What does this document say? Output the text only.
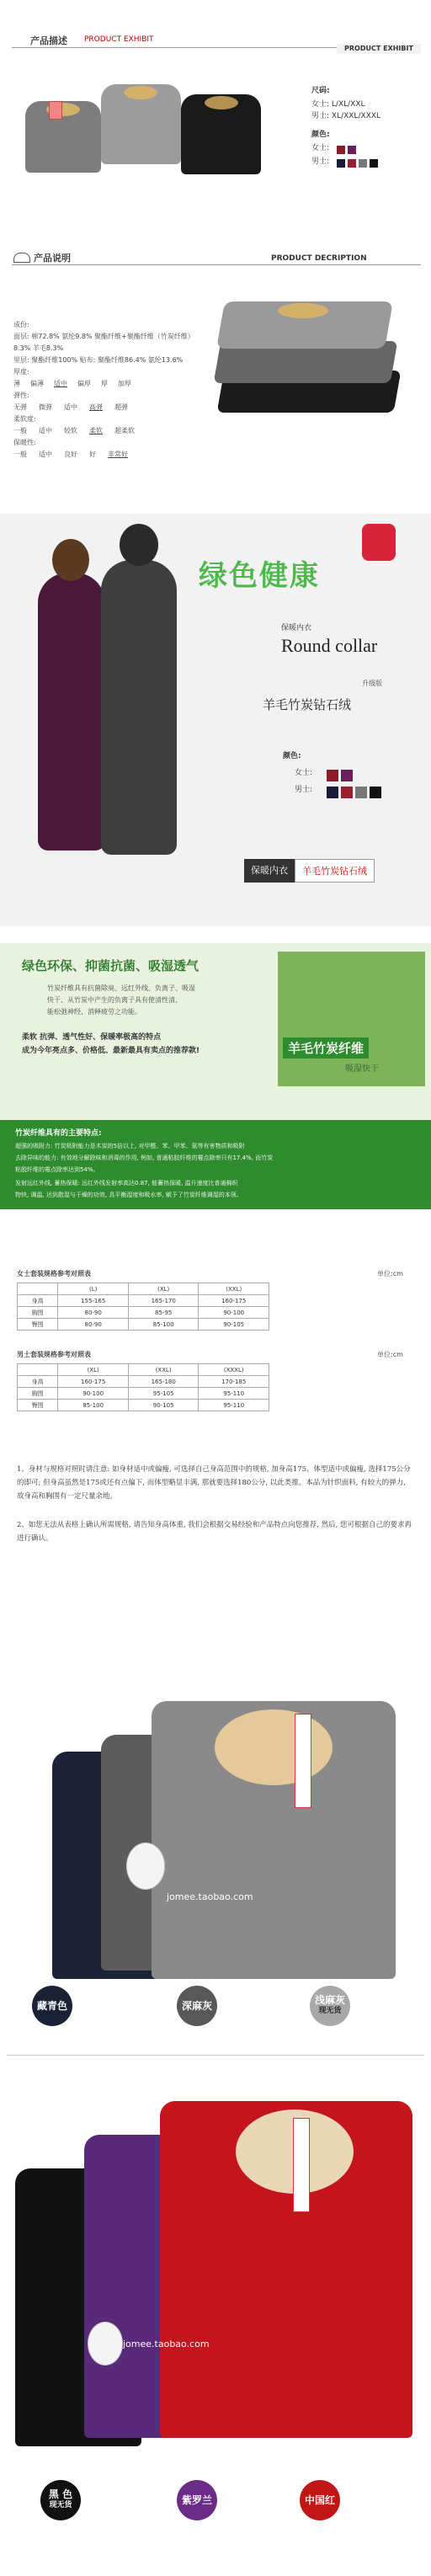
产品描述 PRODUCT EXHIBIT
PRODUCT EXHIBIT
尺码:
女士: L/XL/XXL
男士: XL/XXL/XXXL
颜色:
女士:
男士:
产品说明	PRODUCT DECRIPTION
成份:
面层: 棉72.8% 氨纶9.8% 聚酯纤维+聚酯纤维（竹炭纤维）
8.3% 羊毛8.3%
里层: 聚酯纤维100% 贴布: 聚酯纤维86.4% 氨纶13.6%
厚度:
薄 偏薄 适中 偏厚 厚 加厚
弹性:
无弹 微弹 适中 高弹 超弹
柔软度:
一般 适中 较软 柔软 超柔软
保暖性:
一般 适中 良好 好 非常好
绿色健康
保暖内衣
Round collar
升级版
羊毛竹炭钻石绒
颜色:
女士:
男士:
保暖内衣	羊毛竹炭钻石绒
绿色环保、抑菌抗菌、吸湿透气
竹炭纤维具有抗菌除臭、远红外线、负离子、吸湿
快干、从竹炭中产生的负离子具有使清性清、
能松弛神经、消释疲劳之功能。
柔软 抗弹、透气性好、保暖率极高的特点
成为今年亮点多、价格低、最新最具有卖点的推荐款!	羊毛竹炭纤维
吸湿快干
竹炭纤维具有的主要特点:
超强的吸附力: 竹炭吸附能力是木炭的5倍以上, 对甲醛、苯、甲苯、氨等有害物质和吸附
去除异味的能力: 有效地分解除味和消毒的作用, 例如, 普通粘胶纤维的霉点除率只有17.4%, 而竹炭
粘胶纤维的霉点除率达到54%。
发射远红外线, 蓄热保暖: 远红外线发射率高达0.87, 能蓄热保暖, 温升速度比普通棉织
物快, 调温, 达到散湿与干燥的功效, 具平衡湿度和吸水率, 赋予了竹炭纤维调湿的本领。
女士套装规格参考对照表	单位:cm
	(L)	(XL)	(XXL)
身高	155-165	165-170	160-175
胸围	80-90	85-95	90-100
臀围	80-90	85-100	90-105
男士套装规格参考对照表	单位:cm
	(XL)	(XXL)	(XXXL)
身高	160-175	165-180	170-185
胸围	90-100	95-105	95-110
臀围	85-100	90-105	95-110
1、身材与规格对照时请注意: 如身材适中或偏瘦, 可选择自己身高范围中的规格, 加身高175、体型适中或偏瘦, 选择175公分的即可; 但身高虽然是175或还有点偏下, 而体型略显丰满, 那就要选择180公分, 以此类推。本品为针织面料, 有较大的弹力, 故身高和胸围有一定尺量余地。
2、如您无法从表格上确认所需规格, 请告知身高体重, 我们会根据交易经验和产品特点向您推荐, 然后, 您可根据自己的要求再进行确认。
jomee.taobao.com
藏青色	深麻灰	浅麻灰
现无货
jomee.taobao.com
黑 色
现无货	紫罗兰	中国红
